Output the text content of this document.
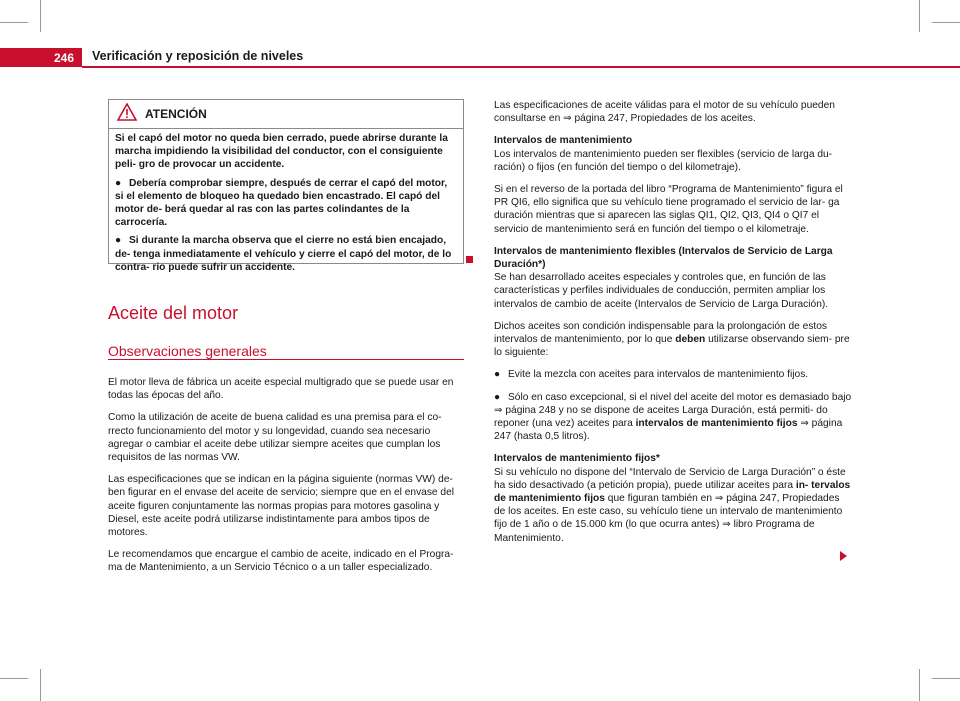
246	Verificación y reposición de niveles
ATENCIÓN

Si el capó del motor no queda bien cerrado, puede abrirse durante la marcha impidiendo la visibilidad del conductor, con el consiguiente peli- gro de provocar un accidente.

● Debería comprobar siempre, después de cerrar el capó del motor, si el elemento de bloqueo ha quedado bien encastrado. El capó del motor de- berá quedar al ras con las partes colindantes de la carrocería.

● Si durante la marcha observa que el cierre no está bien encajado, de- tenga inmediatamente el vehículo y cierre el capó del motor, de lo contra- rio puede sufrir un accidente.

Aceite del motor
Observaciones generales

El motor lleva de fábrica un aceite especial multigrado que se puede usar en todas las épocas del año.

Como la utilización de aceite de buena calidad es una premisa para el co- rrecto funcionamiento del motor y su longevidad, cuando sea necesario agregar o cambiar el aceite debe utilizar siempre aceites que cumplan los requisitos de las normas VW.

Las especificaciones que se indican en la página siguiente (normas VW) de- ben figurar en el envase del aceite de servicio; siempre que en el envase del aceite figuren conjuntamente las normas propias para motores gasolina y Diesel, este aceite podrá utilizarse indistintamente para ambos tipos de motores.

Le recomendamos que encargue el cambio de aceite, indicado en el Progra- ma de Mantenimiento, a un Servicio Técnico o a un taller especializado.

Las especificaciones de aceite válidas para el motor de su vehículo pueden consultarse en ⇒ página 247, Propiedades de los aceites.

Intervalos de mantenimiento

Los intervalos de mantenimiento pueden ser flexibles (servicio de larga du- ración) o fijos (en función del tiempo o del kilometraje).

Si en el reverso de la portada del libro “Programa de Mantenimiento” figura el PR QI6, ello significa que su vehículo tiene programado el servicio de lar- ga duración mientras que si aparecen las siglas QI1, QI2, QI3, QI4 o QI7 el servicio de mantenimiento será en función del tiempo o el kilometraje.

Intervalos de mantenimiento flexibles (Intervalos de Servicio de Larga Duración*)

Se han desarrollado aceites especiales y controles que, en función de las características y perfiles individuales de conducción, permiten ampliar los intervalos de cambio de aceite (Intervalos de Servicio de Larga Duración).

Dichos aceites son condición indispensable para la prolongación de estos intervalos de mantenimiento, por lo que deben utilizarse observando siem- pre lo siguiente:

● Evite la mezcla con aceites para intervalos de mantenimiento fijos.

● Sólo en caso excepcional, si el nivel del aceite del motor es demasiado bajo ⇒ página 248 y no se dispone de aceites Larga Duración, está permiti- do reponer (una vez) aceites para intervalos de mantenimiento fijos ⇒ página 247 (hasta 0,5 litros).

Intervalos de mantenimiento fijos*

Si su vehículo no dispone del “Intervalo de Servicio de Larga Duración” o éste ha sido desactivado (a petición propia), puede utilizar aceites para in- tervalos de mantenimiento fijos que figuran también en ⇒ página 247, Propiedades de los aceites. En este caso, su vehículo tiene un intervalo de mantenimiento fijo de 1 año o de 15.000 km (lo que ocurra antes) ⇒ libro Programa de Mantenimiento.
